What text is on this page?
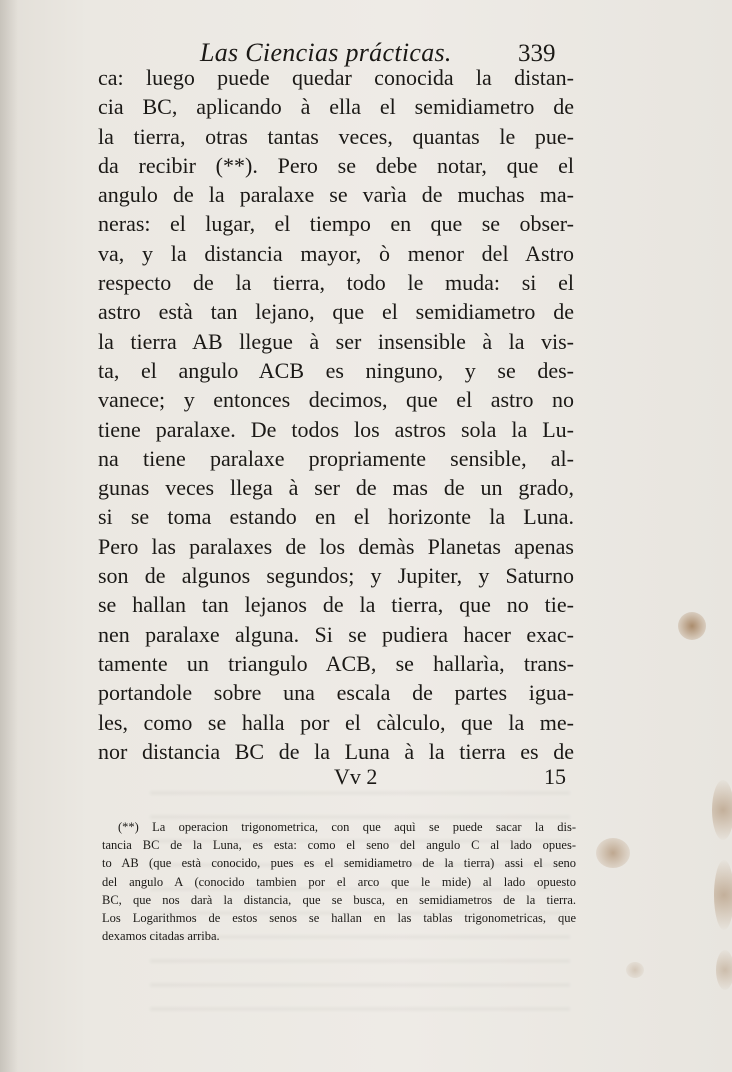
Las Ciencias prácticas.	339
ca: luego puede quedar conocida la distan-
cia BC, aplicando à ella el semidiametro de
la tierra, otras tantas veces, quantas le pue-
da recibir (**). Pero se debe notar, que el
angulo de la paralaxe se varìa de muchas ma-
neras: el lugar, el tiempo en que se obser-
va, y la distancia mayor, ò menor del Astro
respecto de la tierra, todo le muda: si el
astro està tan lejano, que el semidiametro de
la tierra AB llegue à ser insensible à la vis-
ta, el angulo ACB es ninguno, y se des-
vanece; y entonces decimos, que el astro no
tiene paralaxe. De todos los astros sola la Lu-
na tiene paralaxe propriamente sensible, al-
gunas veces llega à ser de mas de un grado,
si se toma estando en el horizonte la Luna.
Pero las paralaxes de los demàs Planetas apenas
son de algunos segundos; y Jupiter, y Saturno
se hallan tan lejanos de la tierra, que no tie-
nen paralaxe alguna. Si se pudiera hacer exac-
tamente un triangulo ACB, se hallarìa, trans-
portandole sobre una escala de partes igua-
les, como se halla por el càlculo, que la me-
nor distancia BC de la Luna à la tierra es de
Vv 2	15
(**) La operacion trigonometrica, con que aquì se puede sacar la dis-
tancia BC de la Luna, es esta: como el seno del angulo C al lado opues-
to AB (que està conocido, pues es el semidiametro de la tierra) assi el seno
del angulo A (conocido tambien por el arco que le mide) al lado opuesto
BC, que nos darà la distancia, que se busca, en semidiametros de la tierra.
Los Logarithmos de estos senos se hallan en las tablas trigonometricas, que
dexamos citadas arriba.
